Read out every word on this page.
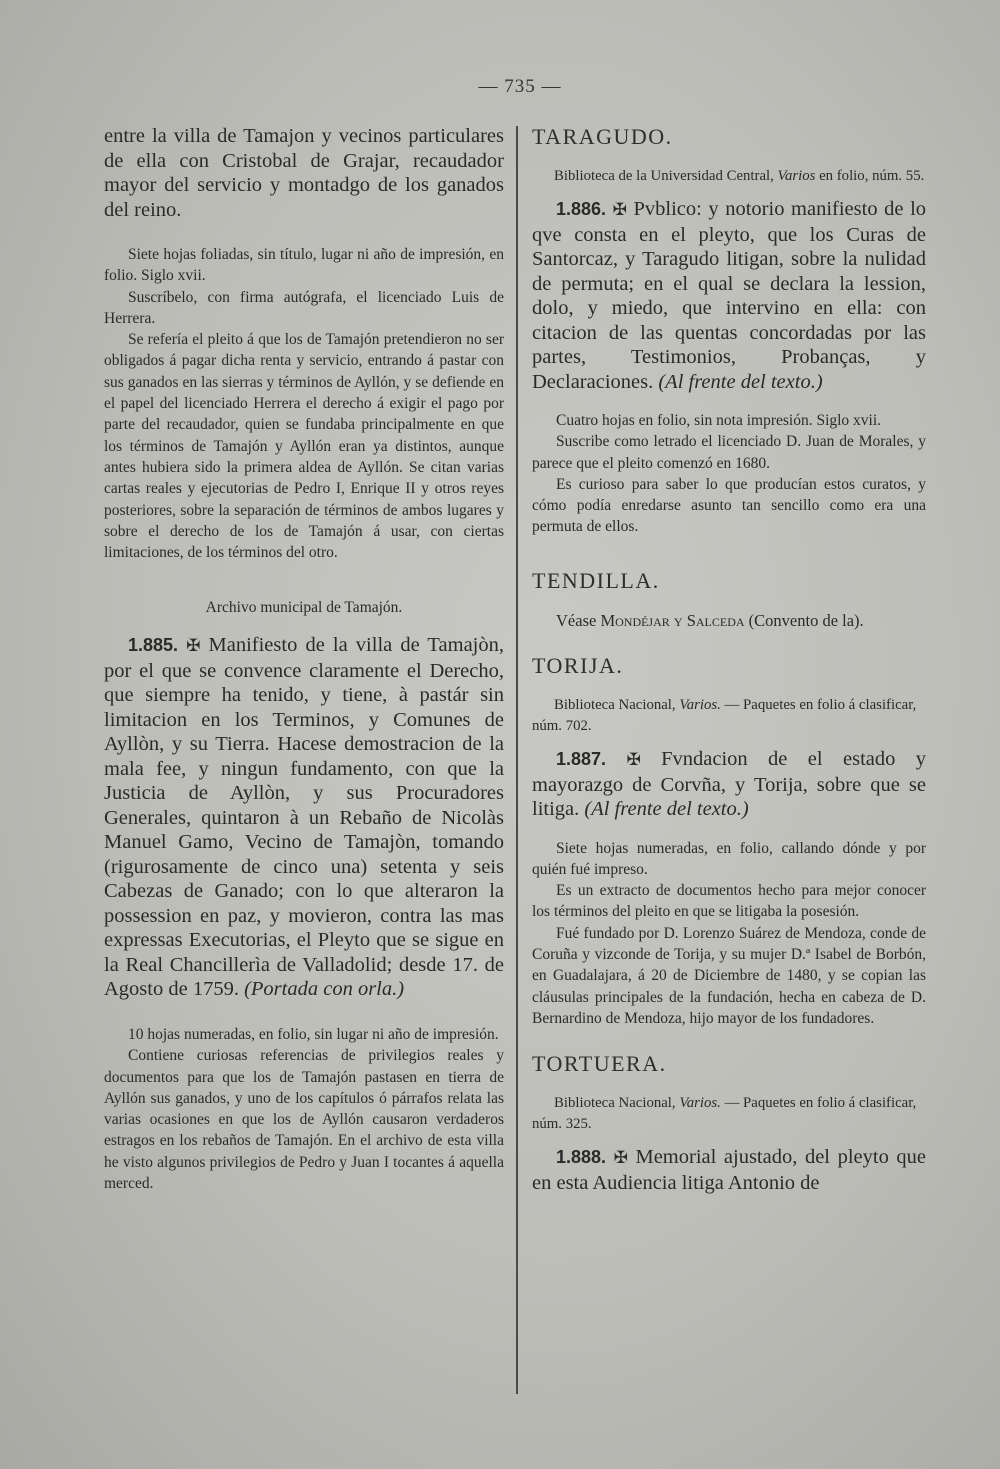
— 735 —

entre la villa de Tamajon y vecinos particulares de ella con Cristobal de Grajar, recaudador mayor del servicio y montadgo de los ganados del reino.

Siete hojas foliadas, sin título, lugar ni año de impresión, en folio. Siglo xvii.

Suscríbelo, con firma autógrafa, el licenciado Luis de Herrera.

Se refería el pleito á que los de Tamajón pretendieron no ser obligados á pagar dicha renta y servicio, entrando á pastar con sus ganados en las sierras y términos de Ayllón, y se defiende en el papel del licenciado Herrera el derecho á exigir el pago por parte del recaudador, quien se fundaba principalmente en que los términos de Tamajón y Ayllón eran ya distintos, aunque antes hubiera sido la primera aldea de Ayllón. Se citan varias cartas reales y ejecutorias de Pedro I, Enrique II y otros reyes posteriores, sobre la separación de términos de ambos lugares y sobre el derecho de los de Tamajón á usar, con ciertas limitaciones, de los términos del otro.

Archivo municipal de Tamajón.

1.885. ✠ Manifiesto de la villa de Tamajòn, por el que se convence claramente el Derecho, que siempre ha tenido, y tiene, à pastár sin limitacion en los Terminos, y Comunes de Ayllòn, y su Tierra. Hacese demostracion de la mala fee, y ningun fundamento, con que la Justicia de Ayllòn, y sus Procuradores Generales, quintaron à un Rebaño de Nicolàs Manuel Gamo, Vecino de Tamajòn, tomando (rigurosamente de cinco una) setenta y seis Cabezas de Ganado; con lo que alteraron la possession en paz, y movieron, contra las mas expressas Executorias, el Pleyto que se sigue en la Real Chancillerìa de Valladolid; desde 17. de Agosto de 1759. (Portada con orla.)

10 hojas numeradas, en folio, sin lugar ni año de impresión.

Contiene curiosas referencias de privilegios reales y documentos para que los de Tamajón pastasen en tierra de Ayllón sus ganados, y uno de los capítulos ó párrafos relata las varias ocasiones en que los de Ayllón causaron verdaderos estragos en los rebaños de Tamajón. En el archivo de esta villa he visto algunos privilegios de Pedro y Juan I tocantes á aquella merced.

TARAGUDO.

Biblioteca de la Universidad Central, Varios en folio, núm. 55.

1.886. ✠ Pvblico: y notorio manifiesto de lo qve consta en el pleyto, que los Curas de Santorcaz, y Taragudo litigan, sobre la nulidad de permuta; en el qual se declara la lession, dolo, y miedo, que intervino en ella: con citacion de las quentas concordadas por las partes, Testimonios, Probanças, y Declaraciones. (Al frente del texto.)

Cuatro hojas en folio, sin nota impresión. Siglo xvii.

Suscribe como letrado el licenciado D. Juan de Morales, y parece que el pleito comenzó en 1680.

Es curioso para saber lo que producían estos curatos, y cómo podía enredarse asunto tan sencillo como era una permuta de ellos.

TENDILLA.

Véase Mondéjar y Salceda (Convento de la).

TORIJA.

Biblioteca Nacional, Varios. — Paquetes en folio á clasificar, núm. 702.

1.887. ✠ Fvndacion de el estado y mayorazgo de Corvña, y Torija, sobre que se litiga. (Al frente del texto.)

Siete hojas numeradas, en folio, callando dónde y por quién fué impreso.

Es un extracto de documentos hecho para mejor conocer los términos del pleito en que se litigaba la posesión.

Fué fundado por D. Lorenzo Suárez de Mendoza, conde de Coruña y vizconde de Torija, y su mujer D.ª Isabel de Borbón, en Guadalajara, á 20 de Diciembre de 1480, y se copian las cláusulas principales de la fundación, hecha en cabeza de D. Bernardino de Mendoza, hijo mayor de los fundadores.

TORTUERA.

Biblioteca Nacional, Varios. — Paquetes en folio á clasificar, núm. 325.

1.888. ✠ Memorial ajustado, del pleyto que en esta Audiencia litiga Antonio de
